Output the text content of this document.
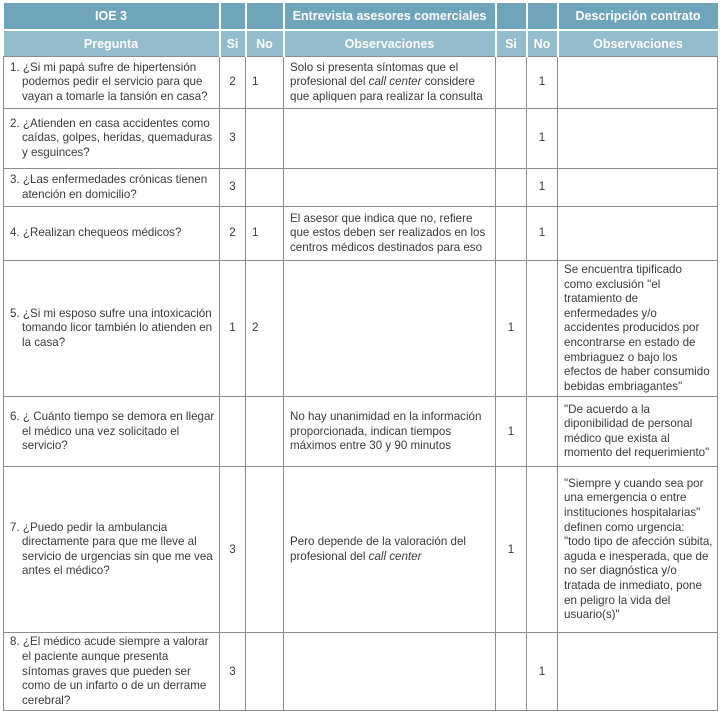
IOE 3			Entrevista asesores comerciales			Descripción contrato
Pregunta	Si	No	Observaciones	Si	No	Observaciones

1. ¿Si mi papá sufre de hipertensión podemos pedir el servicio para que vayan a tomarle la tansión en casa?	2	1	Solo si presenta síntomas que el profesional del call center considere que apliquen para realizar la consulta		1	

2. ¿Atienden en casa accidentes como caídas, golpes, heridas, quemaduras y esguinces?	3				1	

3. ¿Las enfermedades crónicas tienen atención en domicilio?	3				1	

4. ¿Realizan chequeos médicos?	2	1	El asesor que indica que no, refiere que estos deben ser realizados en los centros médicos destinados para eso		1	

5. ¿Si mi esposo sufre una intoxicación tomando licor también lo atienden en la casa?	1	2		1		Se encuentra tipificado como exclusión "el tratamiento de enfermedades y/o accidentes producidos por encontrarse en estado de embriaguez o bajo los efectos de haber consumido bebidas embriagantes"

6. ¿ Cuánto tiempo se demora en llegar el médico una vez solicitado el servicio?			No hay unanimidad en la información proporcionada, indican tiempos máximos entre 30 y 90 minutos	1		"De acuerdo a la diponibilidad de personal médico que exista al momento del requerimiento"

7. ¿Puedo pedir la ambulancia directamente para que me lleve al servicio de urgencias sin que me vea antes el médico?	3		Pero depende de la valoración del profesional del call center	1		"Siempre y cuando sea por una emergencia o entre instituciones hospitalarias" definen como urgencia: "todo tipo de afección súbita, aguda e inesperada, que de no ser diagnóstica y/o tratada de inmediato, pone en peligro la vida del usuario(s)"

8. ¿El médico acude siempre a valorar el paciente aunque presenta síntomas graves que pueden ser como de un infarto o de un derrame cerebral?	3				1	
